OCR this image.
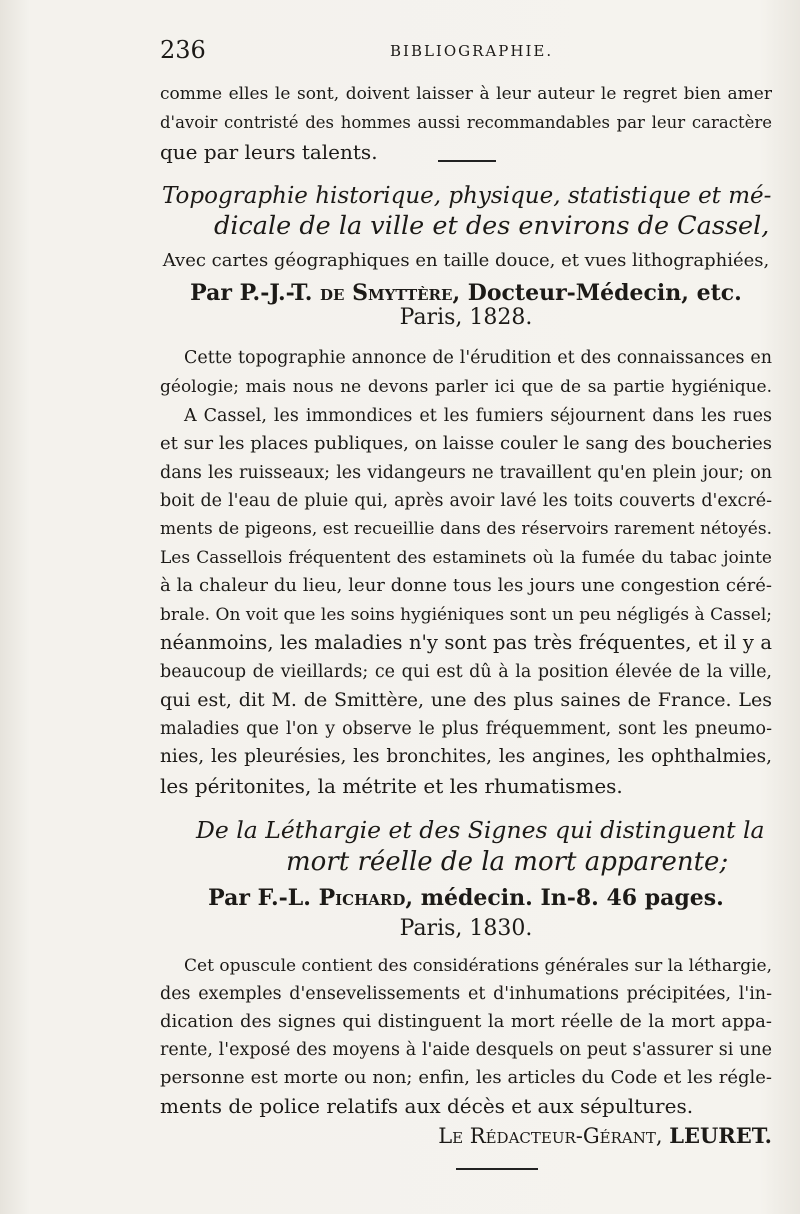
236	BIBLIOGRAPHIE.
comme elles le sont, doivent laisser à leur auteur le regret bien amer
d'avoir contristé des hommes aussi recommandables par leur caractère
que par leurs talents.
Topographie historique, physique, statistique et mé-
dicale de la ville et des environs de Cassel,
Avec cartes géographiques en taille douce, et vues lithographiées,
Par P.-J.-T. de Smyttère, Docteur-Médecin, etc.
Paris, 1828.
Cette topographie annonce de l'érudition et des connaissances en
géologie; mais nous ne devons parler ici que de sa partie hygiénique.
A Cassel, les immondices et les fumiers séjournent dans les rues
et sur les places publiques, on laisse couler le sang des boucheries
dans les ruisseaux; les vidangeurs ne travaillent qu'en plein jour; on
boit de l'eau de pluie qui, après avoir lavé les toits couverts d'excré-
ments de pigeons, est recueillie dans des réservoirs rarement nétoyés.
Les Cassellois fréquentent des estaminets où la fumée du tabac jointe
à la chaleur du lieu, leur donne tous les jours une congestion céré-
brale. On voit que les soins hygiéniques sont un peu négligés à Cassel;
néanmoins, les maladies n'y sont pas très fréquentes, et il y a
beaucoup de vieillards; ce qui est dû à la position élevée de la ville,
qui est, dit M. de Smittère, une des plus saines de France. Les
maladies que l'on y observe le plus fréquemment, sont les pneumo-
nies, les pleurésies, les bronchites, les angines, les ophthalmies,
les péritonites, la métrite et les rhumatismes.
De la Léthargie et des Signes qui distinguent la
mort réelle de la mort apparente;
Par F.-L. Pichard, médecin. In-8. 46 pages.
Paris, 1830.
Cet opuscule contient des considérations générales sur la léthargie,
des exemples d'ensevelissements et d'inhumations précipitées, l'in-
dication des signes qui distinguent la mort réelle de la mort appa-
rente, l'exposé des moyens à l'aide desquels on peut s'assurer si une
personne est morte ou non; enfin, les articles du Code et les régle-
ments de police relatifs aux décès et aux sépultures.
Le Rédacteur-Gérant, LEURET.
